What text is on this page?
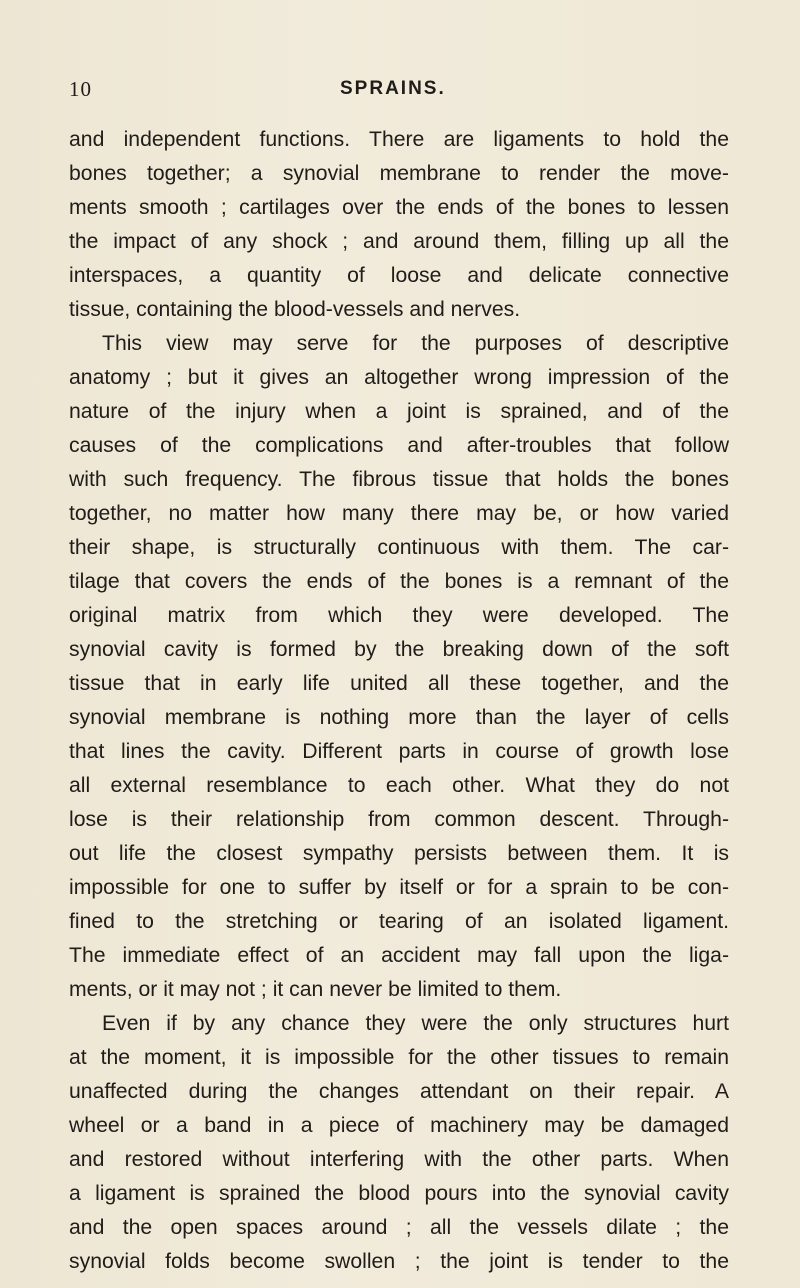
10	SPRAINS.
and independent functions. There are ligaments to hold the
bones together; a synovial membrane to render the move-
ments smooth ; cartilages over the ends of the bones to lessen
the impact of any shock ; and around them, filling up all the
interspaces, a quantity of loose and delicate connective
tissue, containing the blood-vessels and nerves.
This view may serve for the purposes of descriptive
anatomy ; but it gives an altogether wrong impression of the
nature of the injury when a joint is sprained, and of the
causes of the complications and after-troubles that follow
with such frequency. The fibrous tissue that holds the bones
together, no matter how many there may be, or how varied
their shape, is structurally continuous with them. The car-
tilage that covers the ends of the bones is a remnant of the
original matrix from which they were developed. The
synovial cavity is formed by the breaking down of the soft
tissue that in early life united all these together, and the
synovial membrane is nothing more than the layer of cells
that lines the cavity. Different parts in course of growth lose
all external resemblance to each other. What they do not
lose is their relationship from common descent. Through-
out life the closest sympathy persists between them. It is
impossible for one to suffer by itself or for a sprain to be con-
fined to the stretching or tearing of an isolated ligament.
The immediate effect of an accident may fall upon the liga-
ments, or it may not ; it can never be limited to them.
Even if by any chance they were the only structures hurt
at the moment, it is impossible for the other tissues to remain
unaffected during the changes attendant on their repair. A
wheel or a band in a piece of machinery may be damaged
and restored without interfering with the other parts. When
a ligament is sprained the blood pours into the synovial cavity
and the open spaces around ; all the vessels dilate ; the
synovial folds become swollen ; the joint is tender to the
